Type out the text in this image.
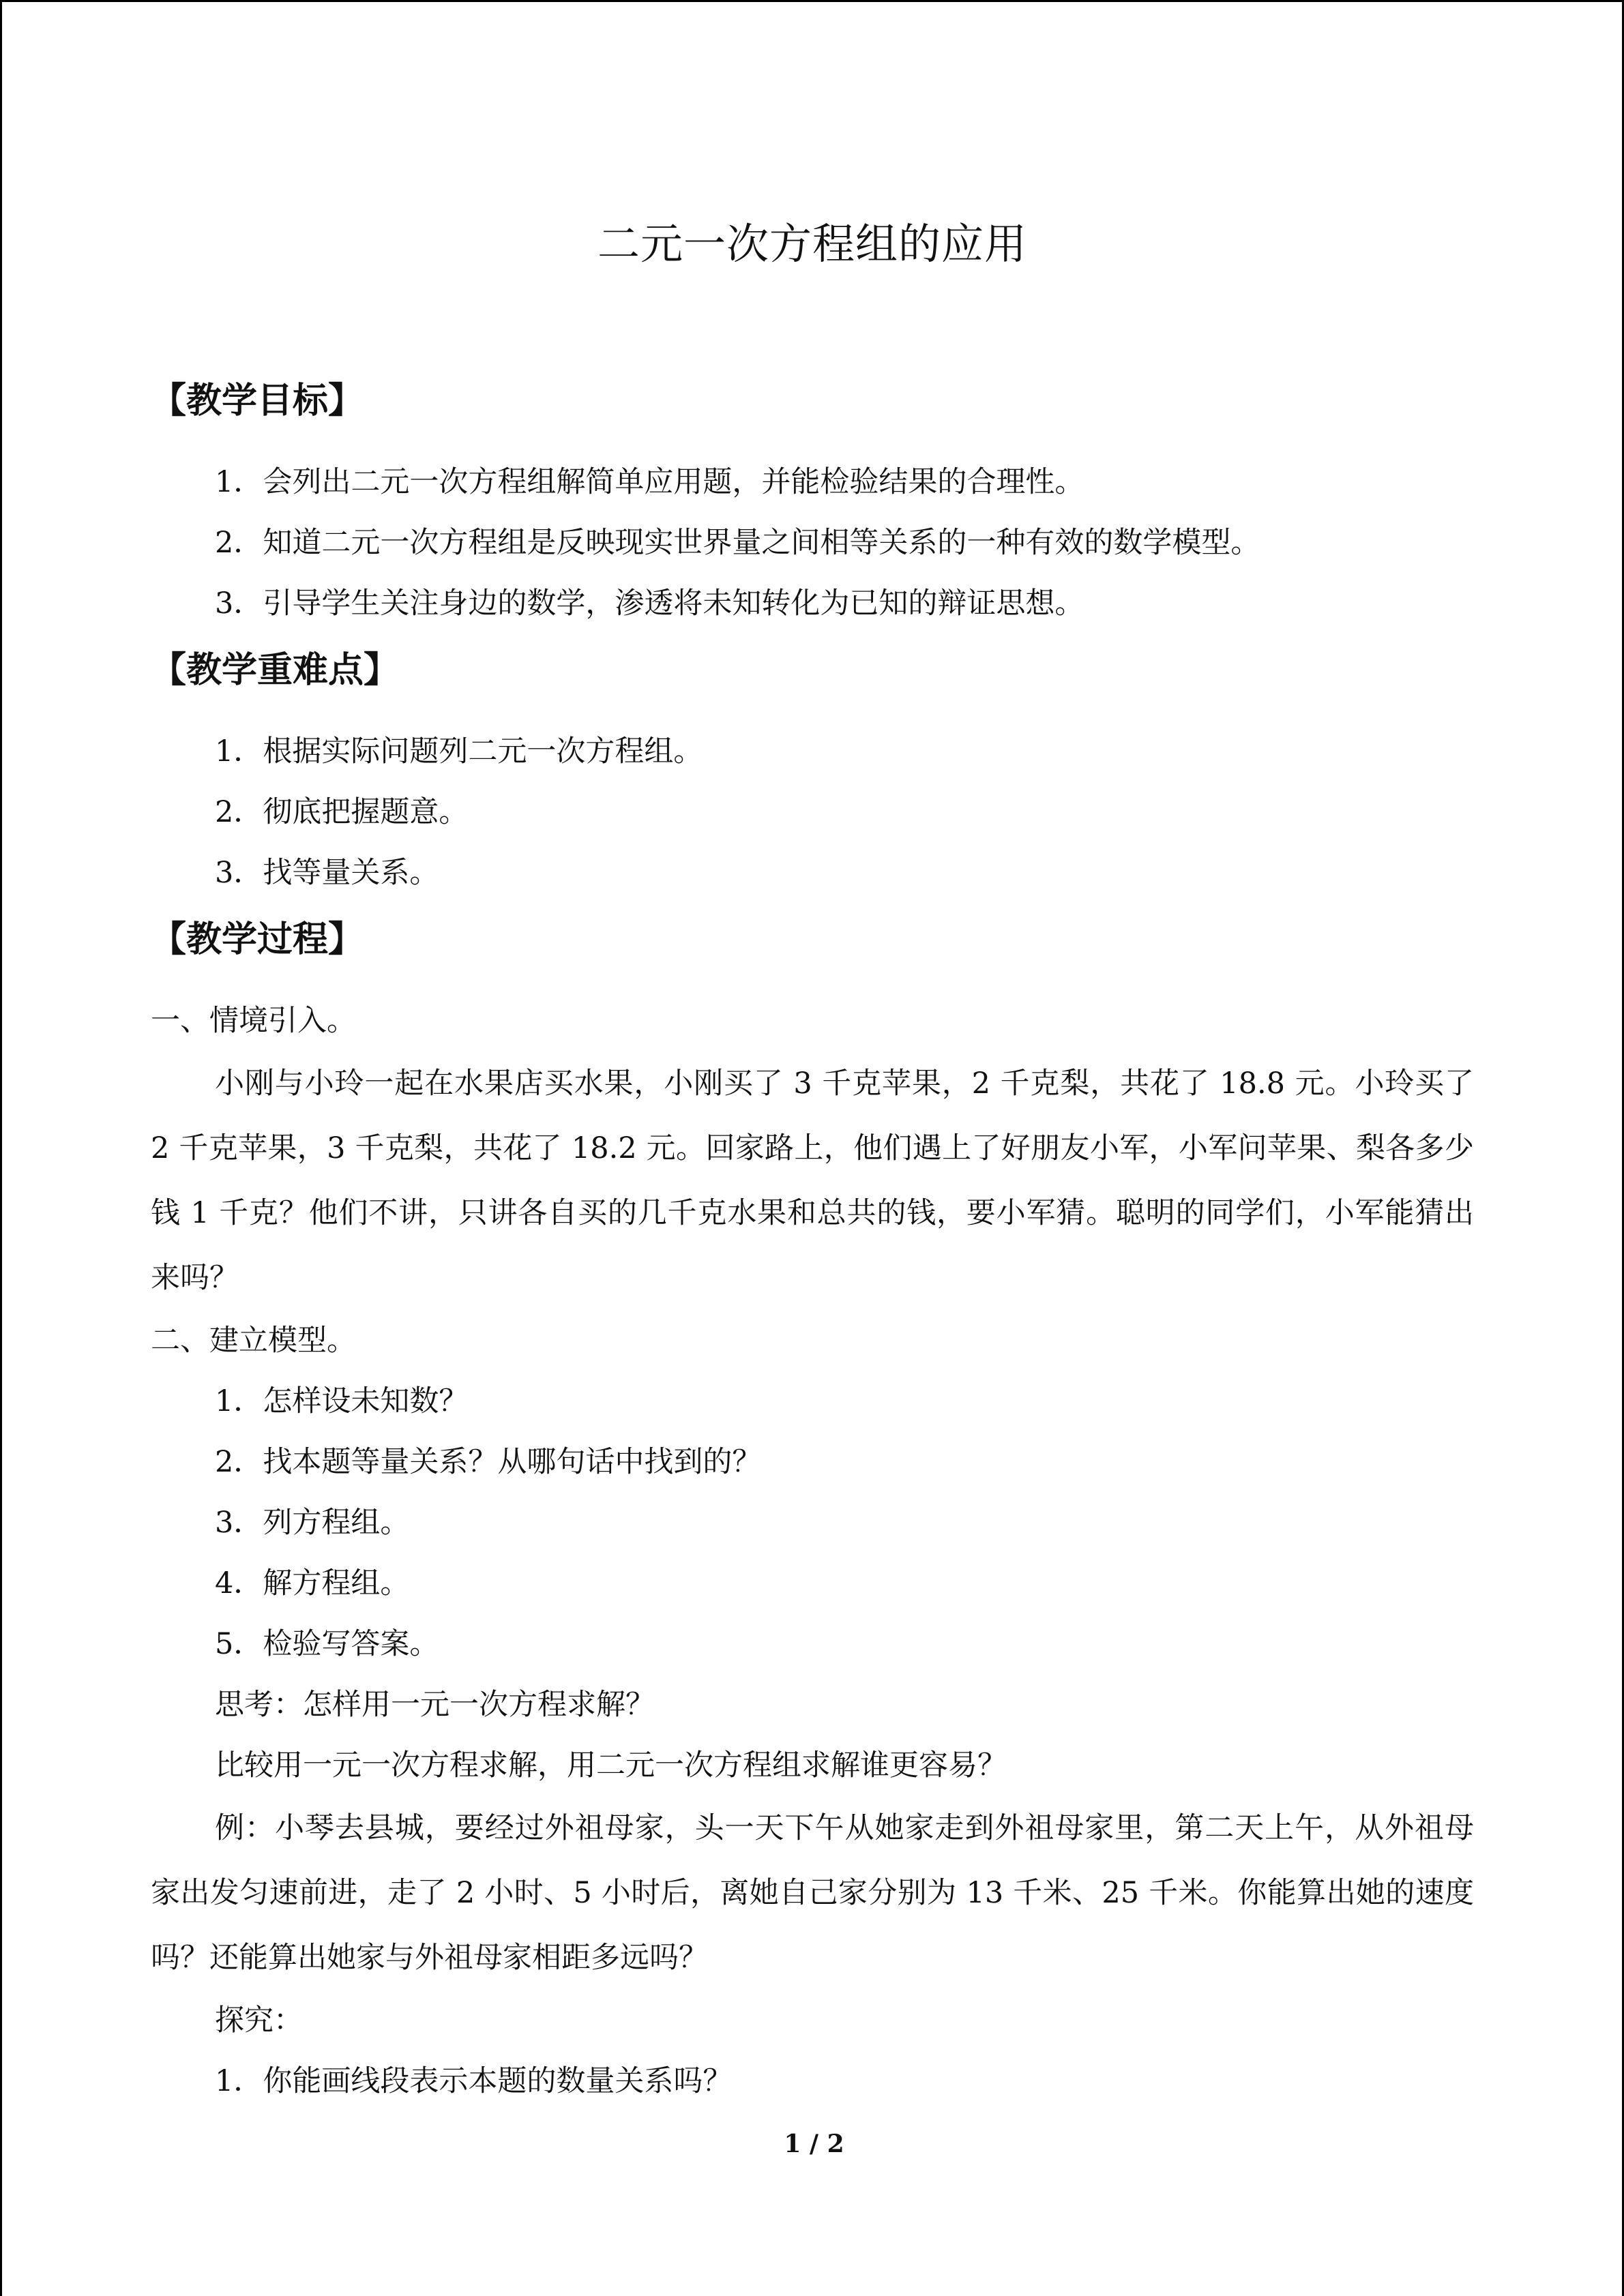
二元一次方程组的应用
【教学目标】
1．会列出二元一次方程组解简单应用题，并能检验结果的合理性。
2．知道二元一次方程组是反映现实世界量之间相等关系的一种有效的数学模型。
3．引导学生关注身边的数学，渗透将未知转化为已知的辩证思想。
【教学重难点】
1．根据实际问题列二元一次方程组。
2．彻底把握题意。
3．找等量关系。
【教学过程】
一、情境引入。
小刚与小玲一起在水果店买水果，小刚买了 3 千克苹果，2 千克梨，共花了 18.8 元。小玲买了 2 千克苹果，3 千克梨，共花了 18.2 元。回家路上，他们遇上了好朋友小军，小军问苹果、梨各多少钱 1 千克？他们不讲，只讲各自买的几千克水果和总共的钱，要小军猜。聪明的同学们，小军能猜出来吗？
二、建立模型。
1．怎样设未知数？
2．找本题等量关系？从哪句话中找到的？
3．列方程组。
4．解方程组。
5．检验写答案。
思考：怎样用一元一次方程求解？
比较用一元一次方程求解，用二元一次方程组求解谁更容易？
例：小琴去县城，要经过外祖母家，头一天下午从她家走到外祖母家里，第二天上午，从外祖母家出发匀速前进，走了 2 小时、5 小时后，离她自己家分别为 13 千米、25 千米。你能算出她的速度吗？还能算出她家与外祖母家相距多远吗？
探究：
1．你能画线段表示本题的数量关系吗？
1 / 2
